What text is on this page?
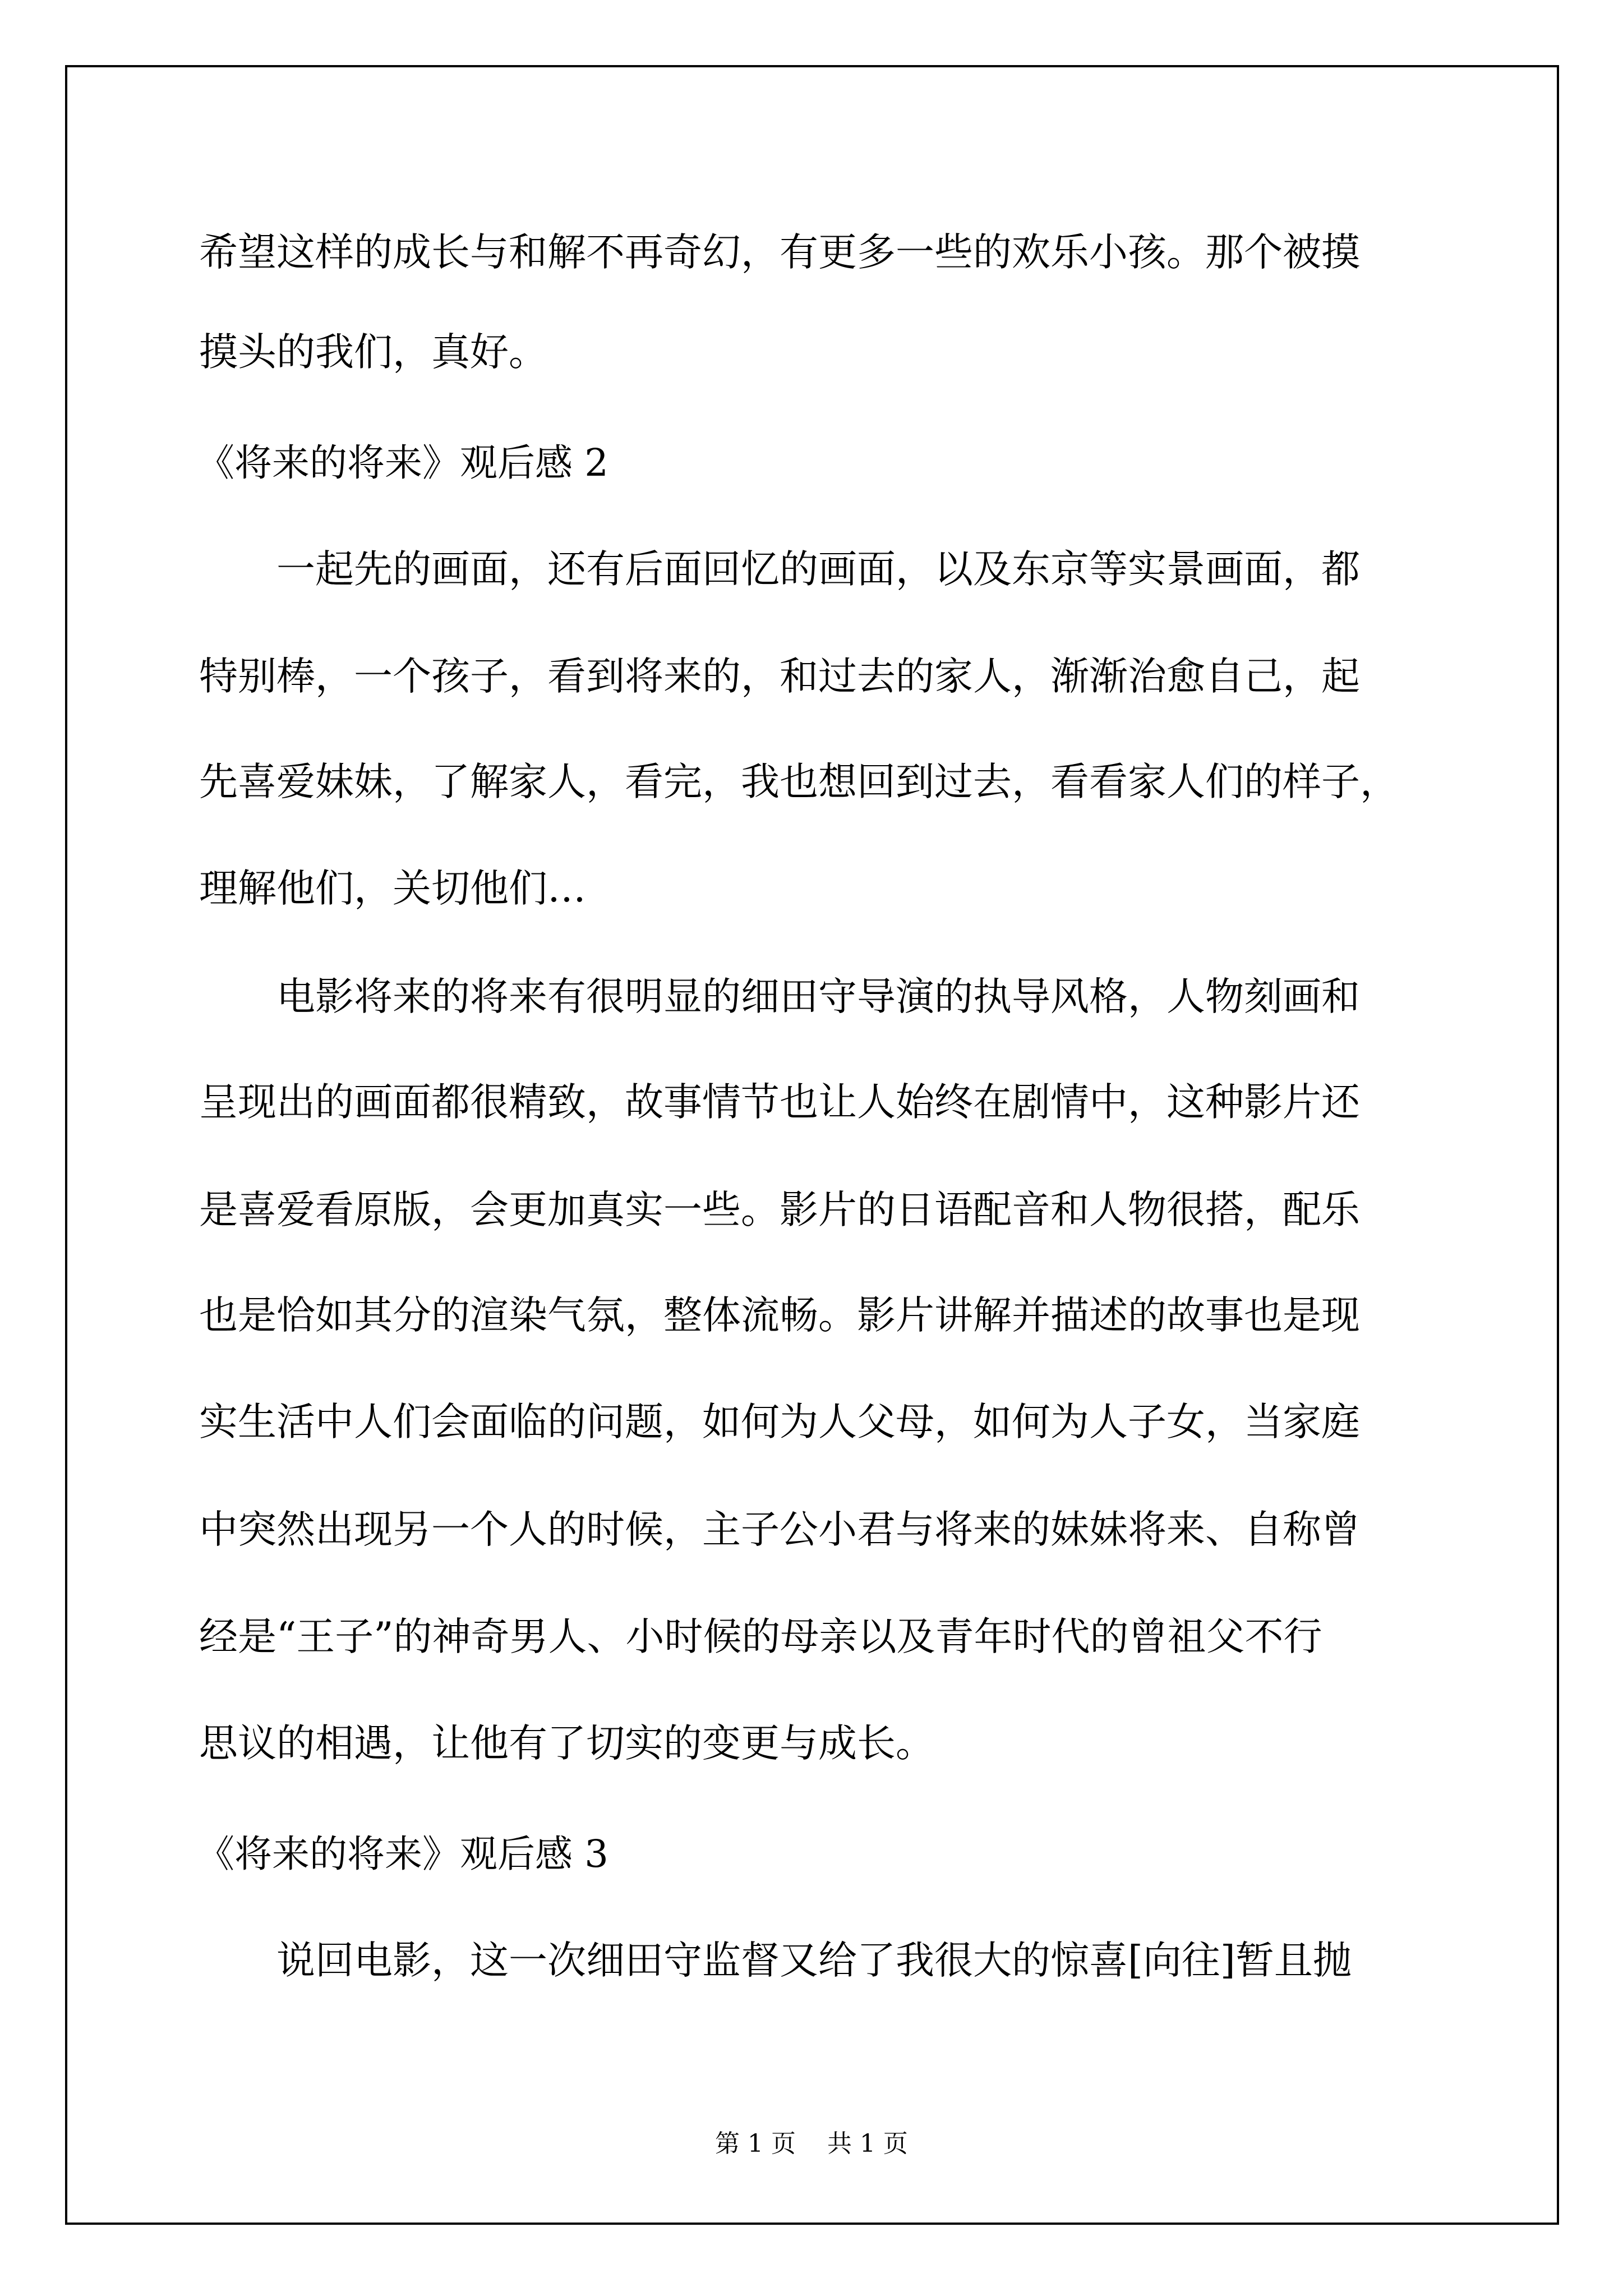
希望这样的成长与和解不再奇幻，有更多一些的欢乐小孩。那个被摸
摸头的我们，真好。
《将来的将来》观后感 2
一起先的画面，还有后面回忆的画面，以及东京等实景画面，都
特别棒，一个孩子，看到将来的，和过去的家人，渐渐治愈自己，起
先喜爱妹妹，了解家人，看完，我也想回到过去，看看家人们的样子，
理解他们，关切他们…
电影将来的将来有很明显的细田守导演的执导风格，人物刻画和
呈现出的画面都很精致，故事情节也让人始终在剧情中，这种影片还
是喜爱看原版，会更加真实一些。影片的日语配音和人物很搭，配乐
也是恰如其分的渲染气氛，整体流畅。影片讲解并描述的故事也是现
实生活中人们会面临的问题，如何为人父母，如何为人子女，当家庭
中突然出现另一个人的时候，主子公小君与将来的妹妹将来、自称曾
经是“王子”的神奇男人、小时候的母亲以及青年时代的曾祖父不行
思议的相遇，让他有了切实的变更与成长。
《将来的将来》观后感 3
说回电影，这一次细田守监督又给了我很大的惊喜[向往]暂且抛
第 1 页    共 1 页
